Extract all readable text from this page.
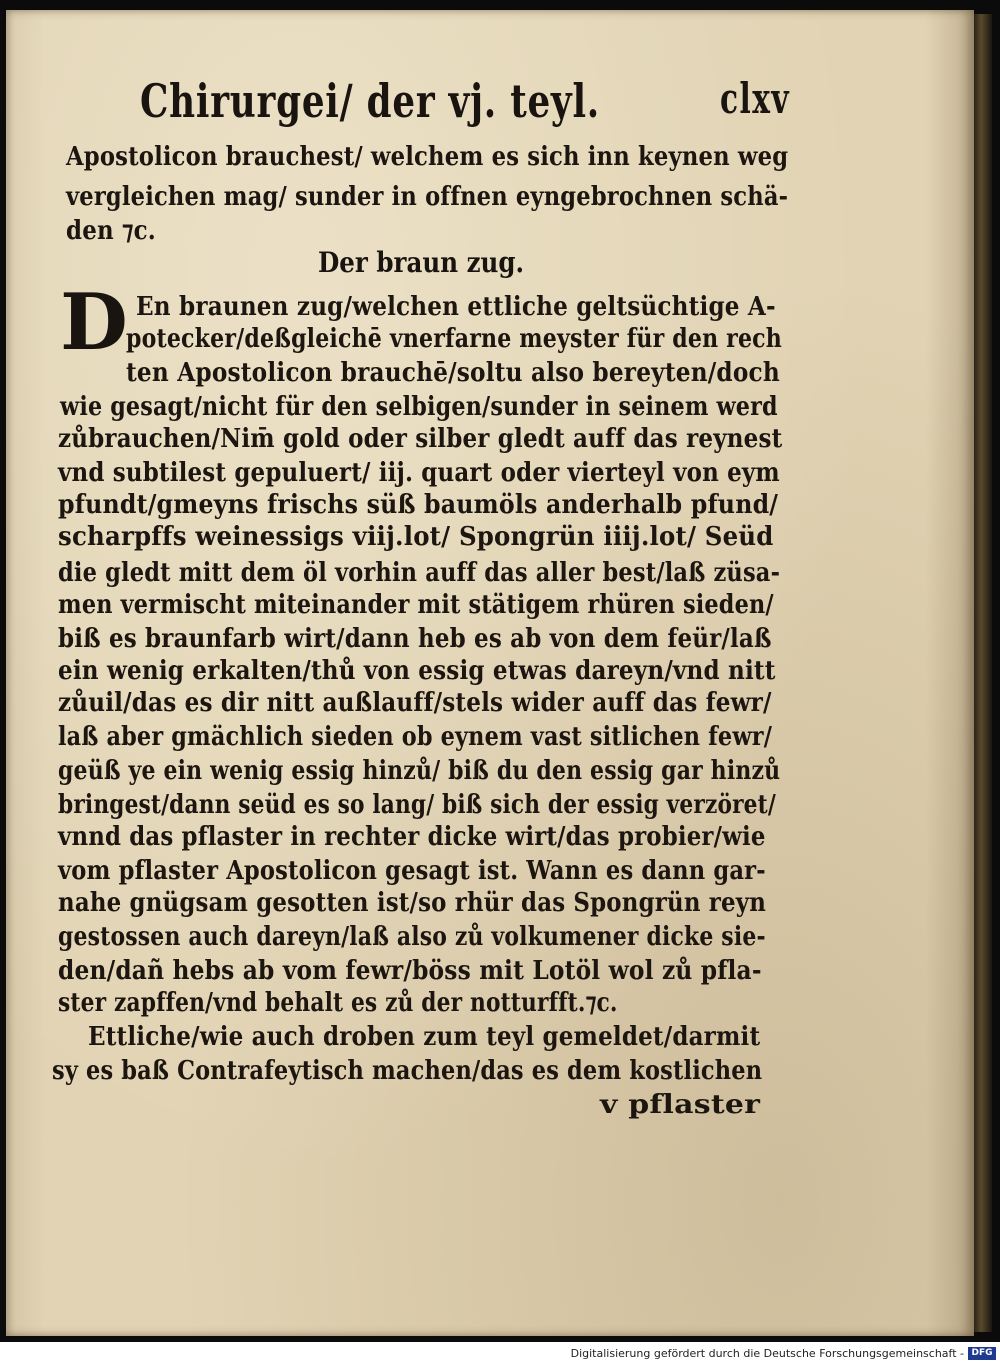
Chirurgei/ der vj. teyl.	clxv
Apostolicon brauchest/ welchem es sich inn keynen weg
vergleichen mag/ sunder in offnen eyngebrochnen schä-
den ⁊c.
Der braun zug.
D En braunen zug/welchen ettliche geltsüchtige A-
potecker/deßgleichē vnerfarne meyster für den rech
ten Apostolicon brauchē/soltu also bereyten/doch
wie gesagt/nicht für den selbigen/sunder in seinem werd
zůbrauchen/Nim̄ gold oder silber gledt auff das reynest
vnd subtilest gepuluert/ iij. quart oder vierteyl von eym
pfundt/gmeyns frischs süß baumöls anderhalb pfund/
scharpffs weinessigs viij.lot/ Spongrün iiij.lot/ Seüd
die gledt mitt dem öl vorhin auff das aller best/laß züsa-
men vermischt miteinander mit stätigem rhüren sieden/
biß es braunfarb wirt/dann heb es ab von dem feür/laß
ein wenig erkalten/thů von essig etwas dareyn/vnd nitt
zůuil/das es dir nitt außlauff/stels wider auff das fewr/
laß aber gmächlich sieden ob eynem vast sitlichen fewr/
geüß ye ein wenig essig hinzů/ biß du den essig gar hinzů
bringest/dann seüd es so lang/ biß sich der essig verzöret/
vnnd das pflaster in rechter dicke wirt/das probier/wie
vom pflaster Apostolicon gesagt ist. Wann es dann gar-
nahe gnügsam gesotten ist/so rhür das Spongrün reyn
gestossen auch dareyn/laß also zů volkumener dicke sie-
den/dañ hebs ab vom fewr/böss mit Lotöl wol zů pfla-
ster zapffen/vnd behalt es zů der notturfft.⁊c.
Ettliche/wie auch droben zum teyl gemeldet/darmit
sy es baß Contrafeytisch machen/das es dem kostlichen
v pflaster
Digitalisierung gefördert durch die Deutsche Forschungsgemeinschaft - DFG
